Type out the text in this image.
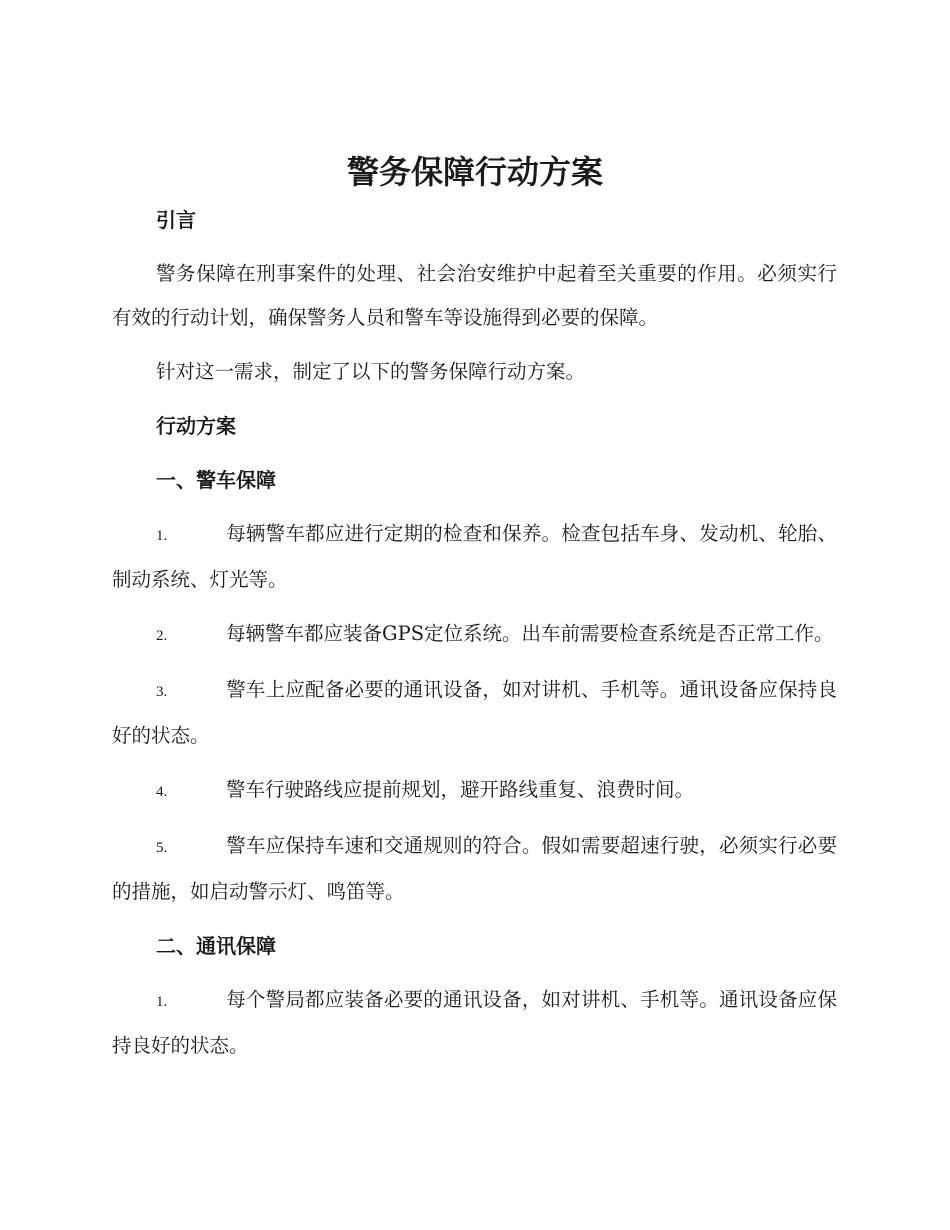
警务保障行动方案
引言

警务保障在刑事案件的处理、社会治安维护中起着至关重要的作用。必须实行有效的行动计划，确保警务人员和警车等设施得到必要的保障。

针对这一需求，制定了以下的警务保障行动方案。

行动方案
一、警车保障

1.	每辆警车都应进行定期的检查和保养。检查包括车身、发动机、轮胎、制动系统、灯光等。

2.	每辆警车都应装备GPS定位系统。出车前需要检查系统是否正常工作。

3.	警车上应配备必要的通讯设备，如对讲机、手机等。通讯设备应保持良好的状态。

4.	警车行驶路线应提前规划，避开路线重复、浪费时间。

5.	警车应保持车速和交通规则的符合。假如需要超速行驶，必须实行必要的措施，如启动警示灯、鸣笛等。

二、通讯保障

1.	每个警局都应装备必要的通讯设备，如对讲机、手机等。通讯设备应保持良好的状态。
